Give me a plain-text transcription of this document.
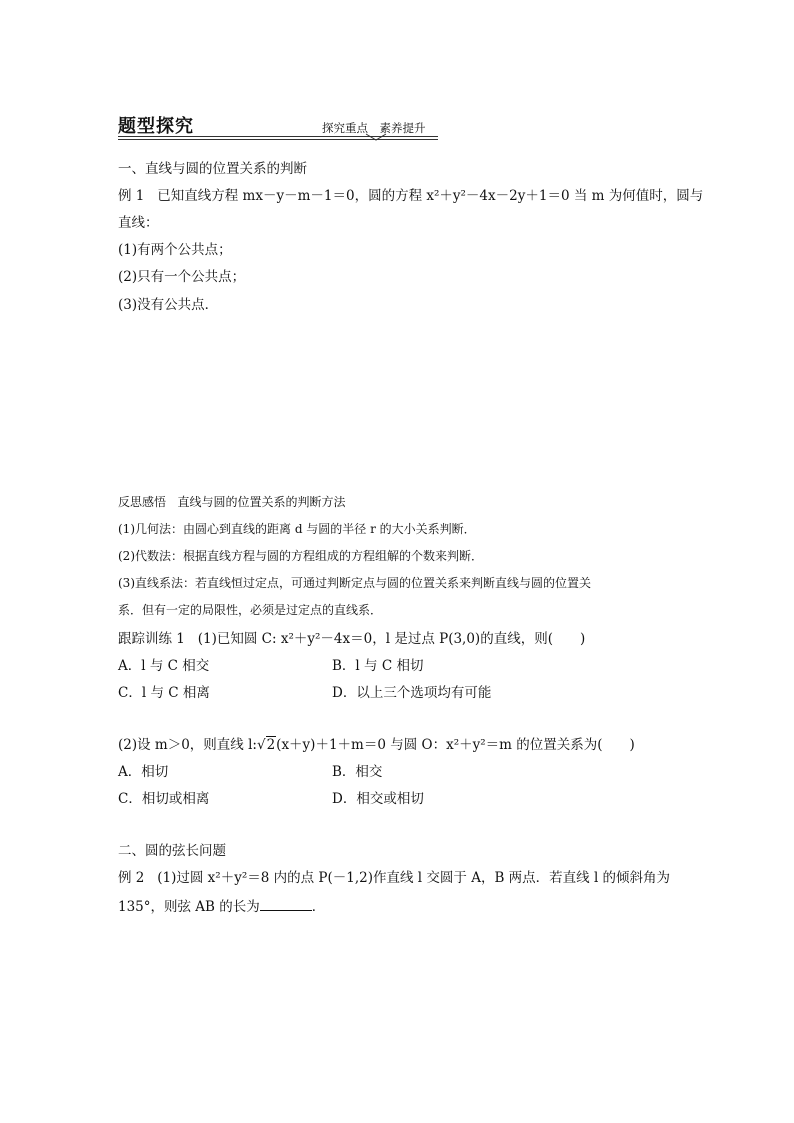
题型探究	探究重点　素养提升
一、直线与圆的位置关系的判断
例 1 已知直线方程 mx－y－m－1＝0，圆的方程 x²＋y²－4x－2y＋1＝0 当 m 为何值时，圆与
直线：
(1)有两个公共点；
(2)只有一个公共点；
(3)没有公共点．
反思感悟 直线与圆的位置关系的判断方法
(1)几何法：由圆心到直线的距离 d 与圆的半径 r 的大小关系判断．
(2)代数法：根据直线方程与圆的方程组成的方程组解的个数来判断．
(3)直线系法：若直线恒过定点，可通过判断定点与圆的位置关系来判断直线与圆的位置关
系．但有一定的局限性，必须是过定点的直线系．
跟踪训练 1 (1)已知圆 C: x²＋y²－4x＝0，l 是过点 P(3,0)的直线，则(　　)
A．l 与 C 相交	B．l 与 C 相切
C．l 与 C 相离	D．以上三个选项均有可能
(2)设 m＞0，则直线 l:√2(x＋y)＋1＋m＝0 与圆 O：x²＋y²＝m 的位置关系为(　　)
A．相切	B．相交
C．相切或相离	D．相交或相切
二、圆的弦长问题
例 2 (1)过圆 x²＋y²＝8 内的点 P(－1,2)作直线 l 交圆于 A，B 两点．若直线 l 的倾斜角为
135°，则弦 AB 的长为	．
